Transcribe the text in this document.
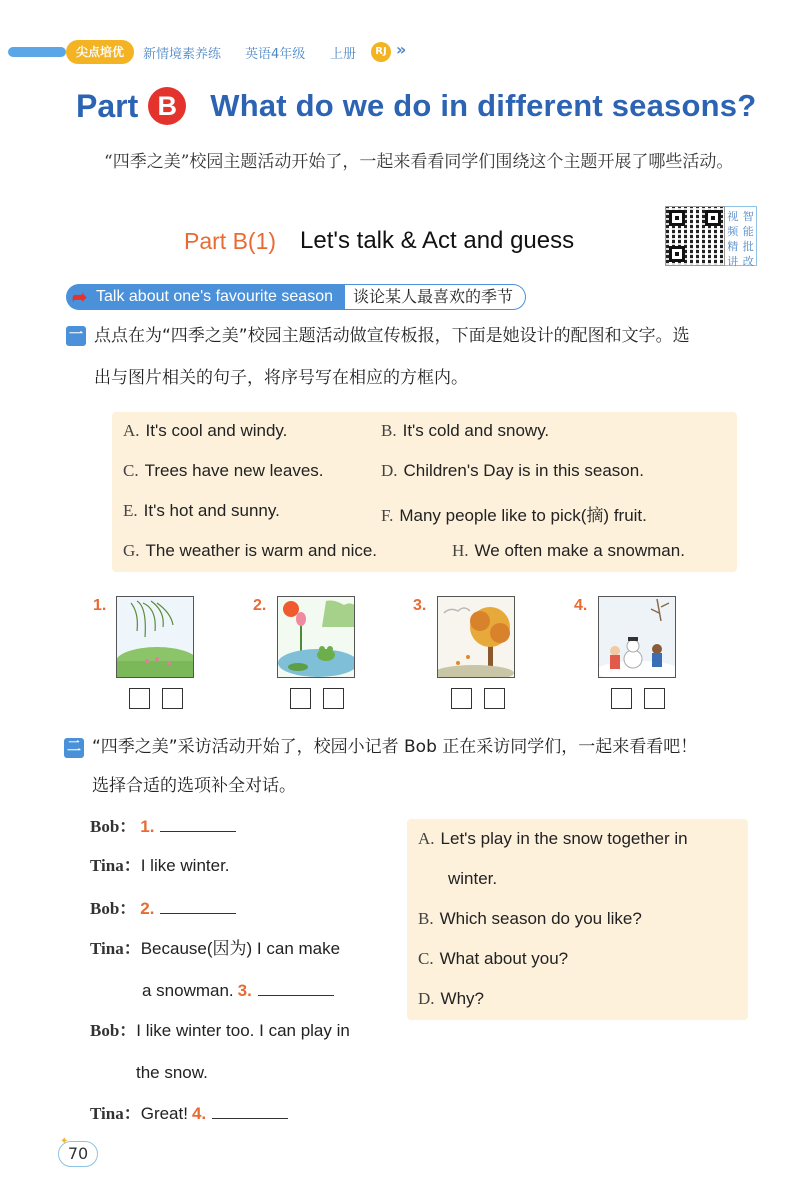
尖点培优	新情境素养练 英语4年级 上册	RJ »
Part B What do we do in different seasons?
“四季之美”校园主题活动开始了，一起来看看同学们围绕这个主题开展了哪些活动。
Part B(1) Let's talk & Act and guess
视 智
频 能
精 批
讲 改
➦ Talk about one's favourite season	谈论某人最喜欢的季节
一 点点在为“四季之美”校园主题活动做宣传板报，下面是她设计的配图和文字。选
出与图片相关的句子，将序号写在相应的方框内。
A. It's cool and windy.	B. It's cold and snowy.
C. Trees have new leaves.	D. Children's Day is in this season.
E. It's hot and sunny.	F. Many people like to pick(摘) fruit.
G. The weather is warm and nice.	H. We often make a snowman.
1.	2.	3.	4.
二 “四季之美”采访活动开始了，校园小记者 Bob 正在采访同学们，一起来看看吧！
选择合适的选项补全对话。
Bob： 1.
Tina：I like winter.
Bob： 2.
Tina：Because(因为) I can make
a snowman. 3.
Bob：I like winter too. I can play in
the snow.
Tina：Great! 4.
A. Let's play in the snow together in
winter.
B. Which season do you like?
C. What about you?
D. Why?
✦
70
